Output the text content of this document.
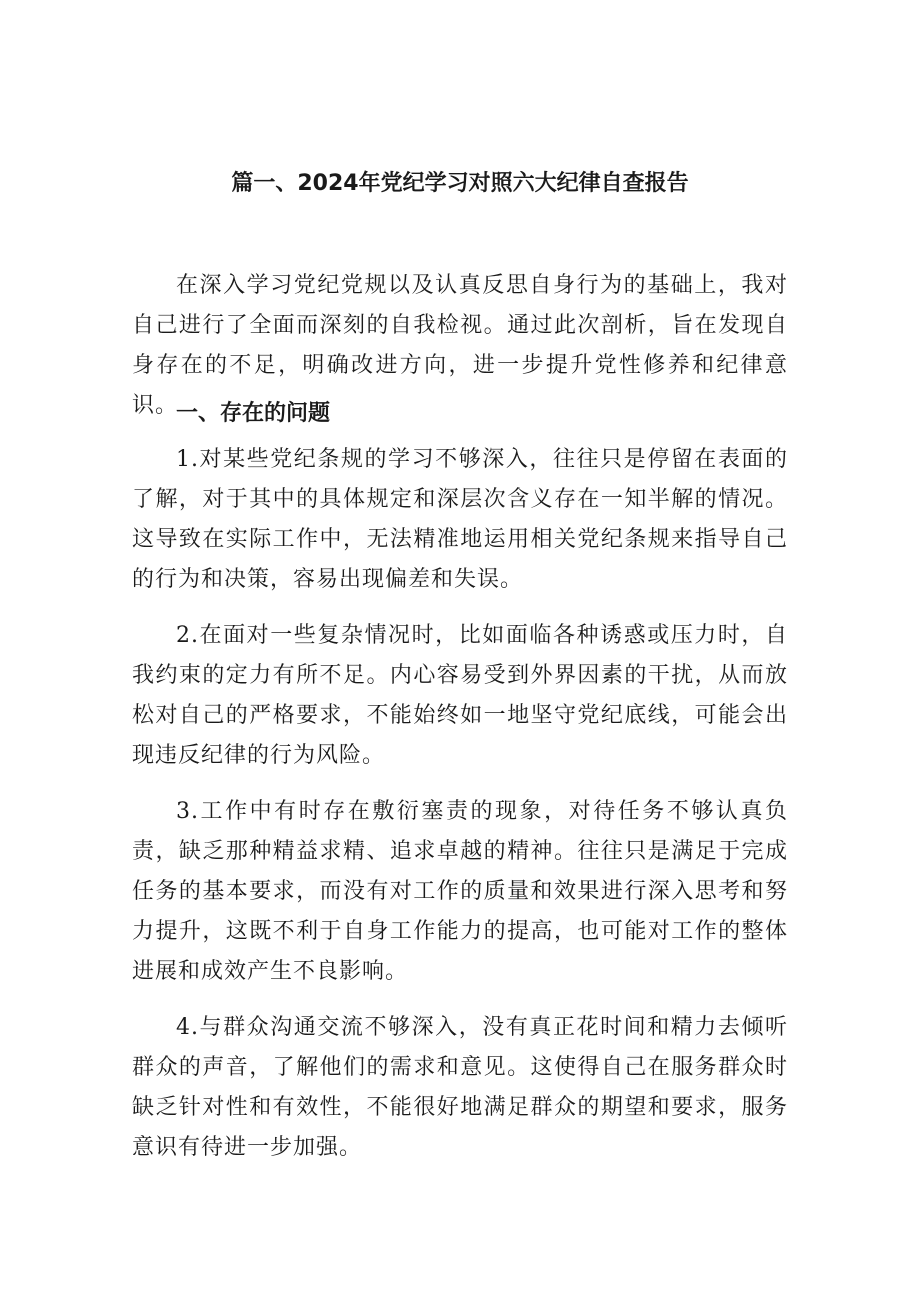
篇一、2024年党纪学习对照六大纪律自查报告

在深入学习党纪党规以及认真反思自身行为的基础上，我对自己进行了全面而深刻的自我检视。通过此次剖析，旨在发现自身存在的不足，明确改进方向，进一步提升党性修养和纪律意识。

一、存在的问题

1.对某些党纪条规的学习不够深入，往往只是停留在表面的了解，对于其中的具体规定和深层次含义存在一知半解的情况。这导致在实际工作中，无法精准地运用相关党纪条规来指导自己的行为和决策，容易出现偏差和失误。

2.在面对一些复杂情况时，比如面临各种诱惑或压力时，自我约束的定力有所不足。内心容易受到外界因素的干扰，从而放松对自己的严格要求，不能始终如一地坚守党纪底线，可能会出现违反纪律的行为风险。

3.工作中有时存在敷衍塞责的现象，对待任务不够认真负责，缺乏那种精益求精、追求卓越的精神。往往只是满足于完成任务的基本要求，而没有对工作的质量和效果进行深入思考和努力提升，这既不利于自身工作能力的提高，也可能对工作的整体进展和成效产生不良影响。

4.与群众沟通交流不够深入，没有真正花时间和精力去倾听群众的声音，了解他们的需求和意见。这使得自己在服务群众时缺乏针对性和有效性，不能很好地满足群众的期望和要求，服务意识有待进一步加强。
